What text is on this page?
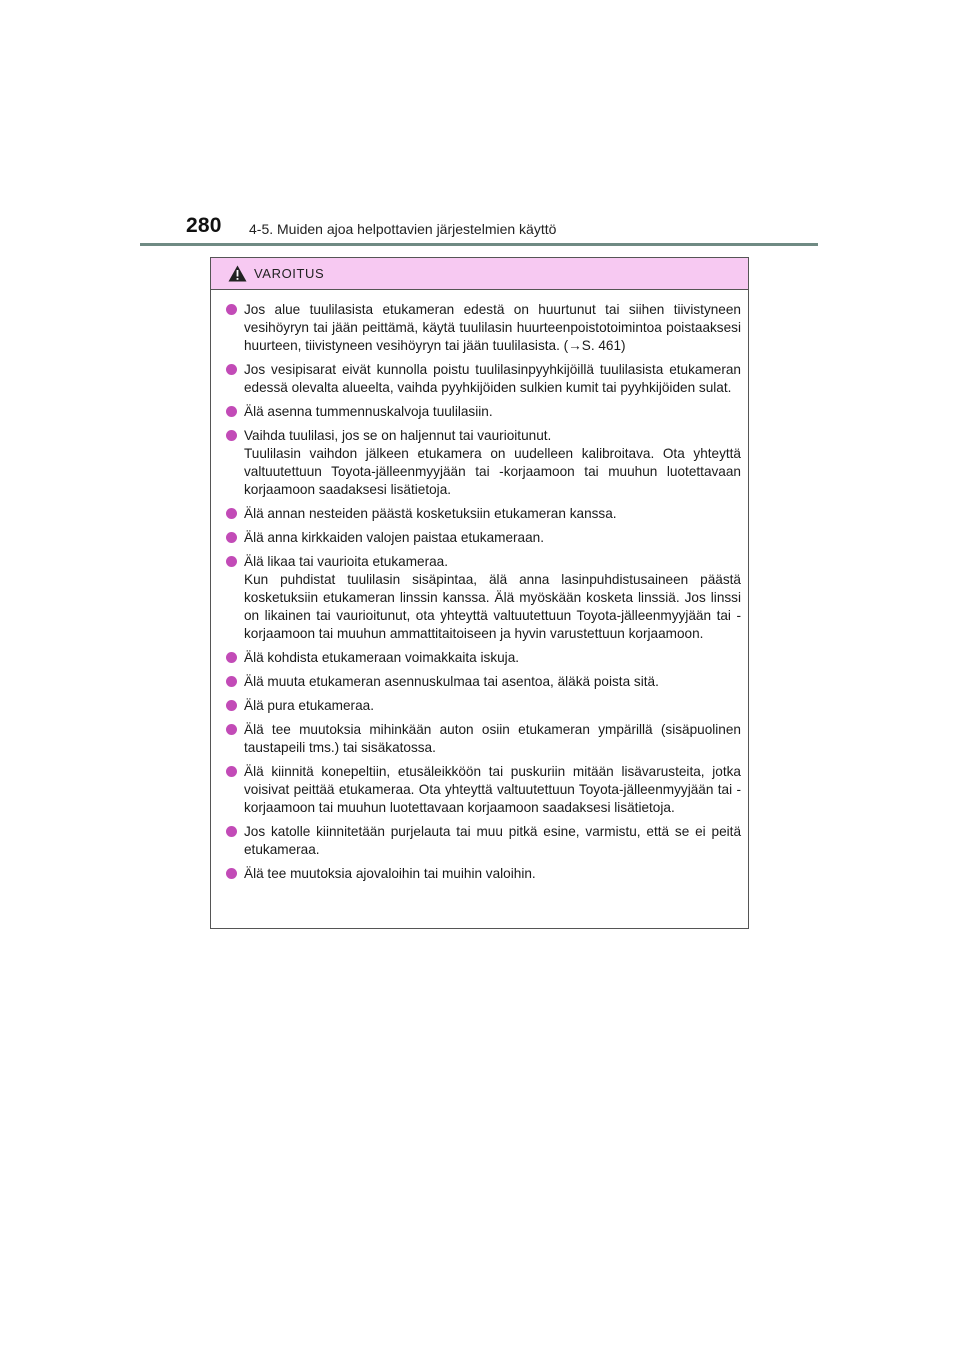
280 4-5. Muiden ajoa helpottavien järjestelmien käyttö
VAROITUS
Jos alue tuulilasista etukameran edestä on huurtunut tai siihen tiivistyneen vesihöyryn tai jään peittämä, käytä tuulilasin huurteenpoistotoimintoa poistaaksesi huurteen, tiivistyneen vesihöyryn tai jään tuulilasista. (→S. 461)
Jos vesipisarat eivät kunnolla poistu tuulilasinpyyhkijöillä tuulilasista etukameran edessä olevalta alueelta, vaihda pyyhkijöiden sulkien kumit tai pyyhkijöiden sulat.
Älä asenna tummennuskalvoja tuulilasiin.
Vaihda tuulilasi, jos se on haljennut tai vaurioitunut.
Tuulilasin vaihdon jälkeen etukamera on uudelleen kalibroitava. Ota yhteyttä valtuutettuun Toyota-jälleenmyyjään tai -korjaamoon tai muuhun luotettavaan korjaamoon saadaksesi lisätietoja.
Älä annan nesteiden päästä kosketuksiin etukameran kanssa.
Älä anna kirkkaiden valojen paistaa etukameraan.
Älä likaa tai vaurioita etukameraa.
Kun puhdistat tuulilasin sisäpintaa, älä anna lasinpuhdistusaineen päästä kosketuksiin etukameran linssin kanssa. Älä myöskään kosketa linssiä. Jos linssi on likainen tai vaurioitunut, ota yhteyttä valtuutettuun Toyota-jälleenmyyjään tai -korjaamoon tai muuhun ammattitaitoiseen ja hyvin varustettuun korjaamoon.
Älä kohdista etukameraan voimakkaita iskuja.
Älä muuta etukameran asennuskulmaa tai asentoa, äläkä poista sitä.
Älä pura etukameraa.
Älä tee muutoksia mihinkään auton osiin etukameran ympärillä (sisäpuolinen taustapeili tms.) tai sisäkatossa.
Älä kiinnitä konepeltiin, etusäleikköön tai puskuriin mitään lisävarusteita, jotka voisivat peittää etukameraa. Ota yhteyttä valtuutettuun Toyota-jälleenmyyjään tai -korjaamoon tai muuhun luotettavaan korjaamoon saadaksesi lisätietoja.
Jos katolle kiinnitetään purjelauta tai muu pitkä esine, varmistu, että se ei peitä etukameraa.
Älä tee muutoksia ajovaloihin tai muihin valoihin.
